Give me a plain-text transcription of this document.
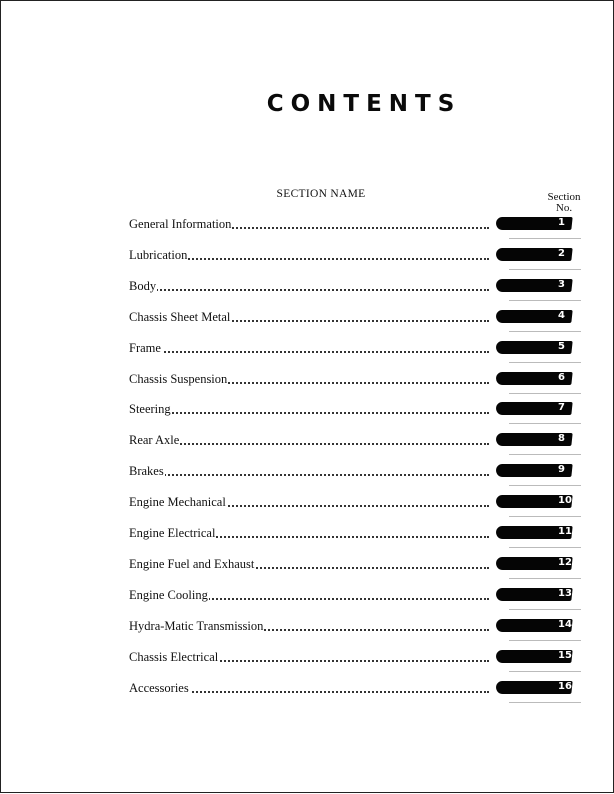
CONTENTS
SECTION NAME	Section
No.
General Information	1
Lubrication	2
Body	3
Chassis Sheet Metal	4
Frame	5
Chassis Suspension	6
Steering	7
Rear Axle	8
Brakes	9
Engine Mechanical	10
Engine Electrical	11
Engine Fuel and Exhaust	12
Engine Cooling	13
Hydra-Matic Transmission	14
Chassis Electrical	15
Accessories	16
